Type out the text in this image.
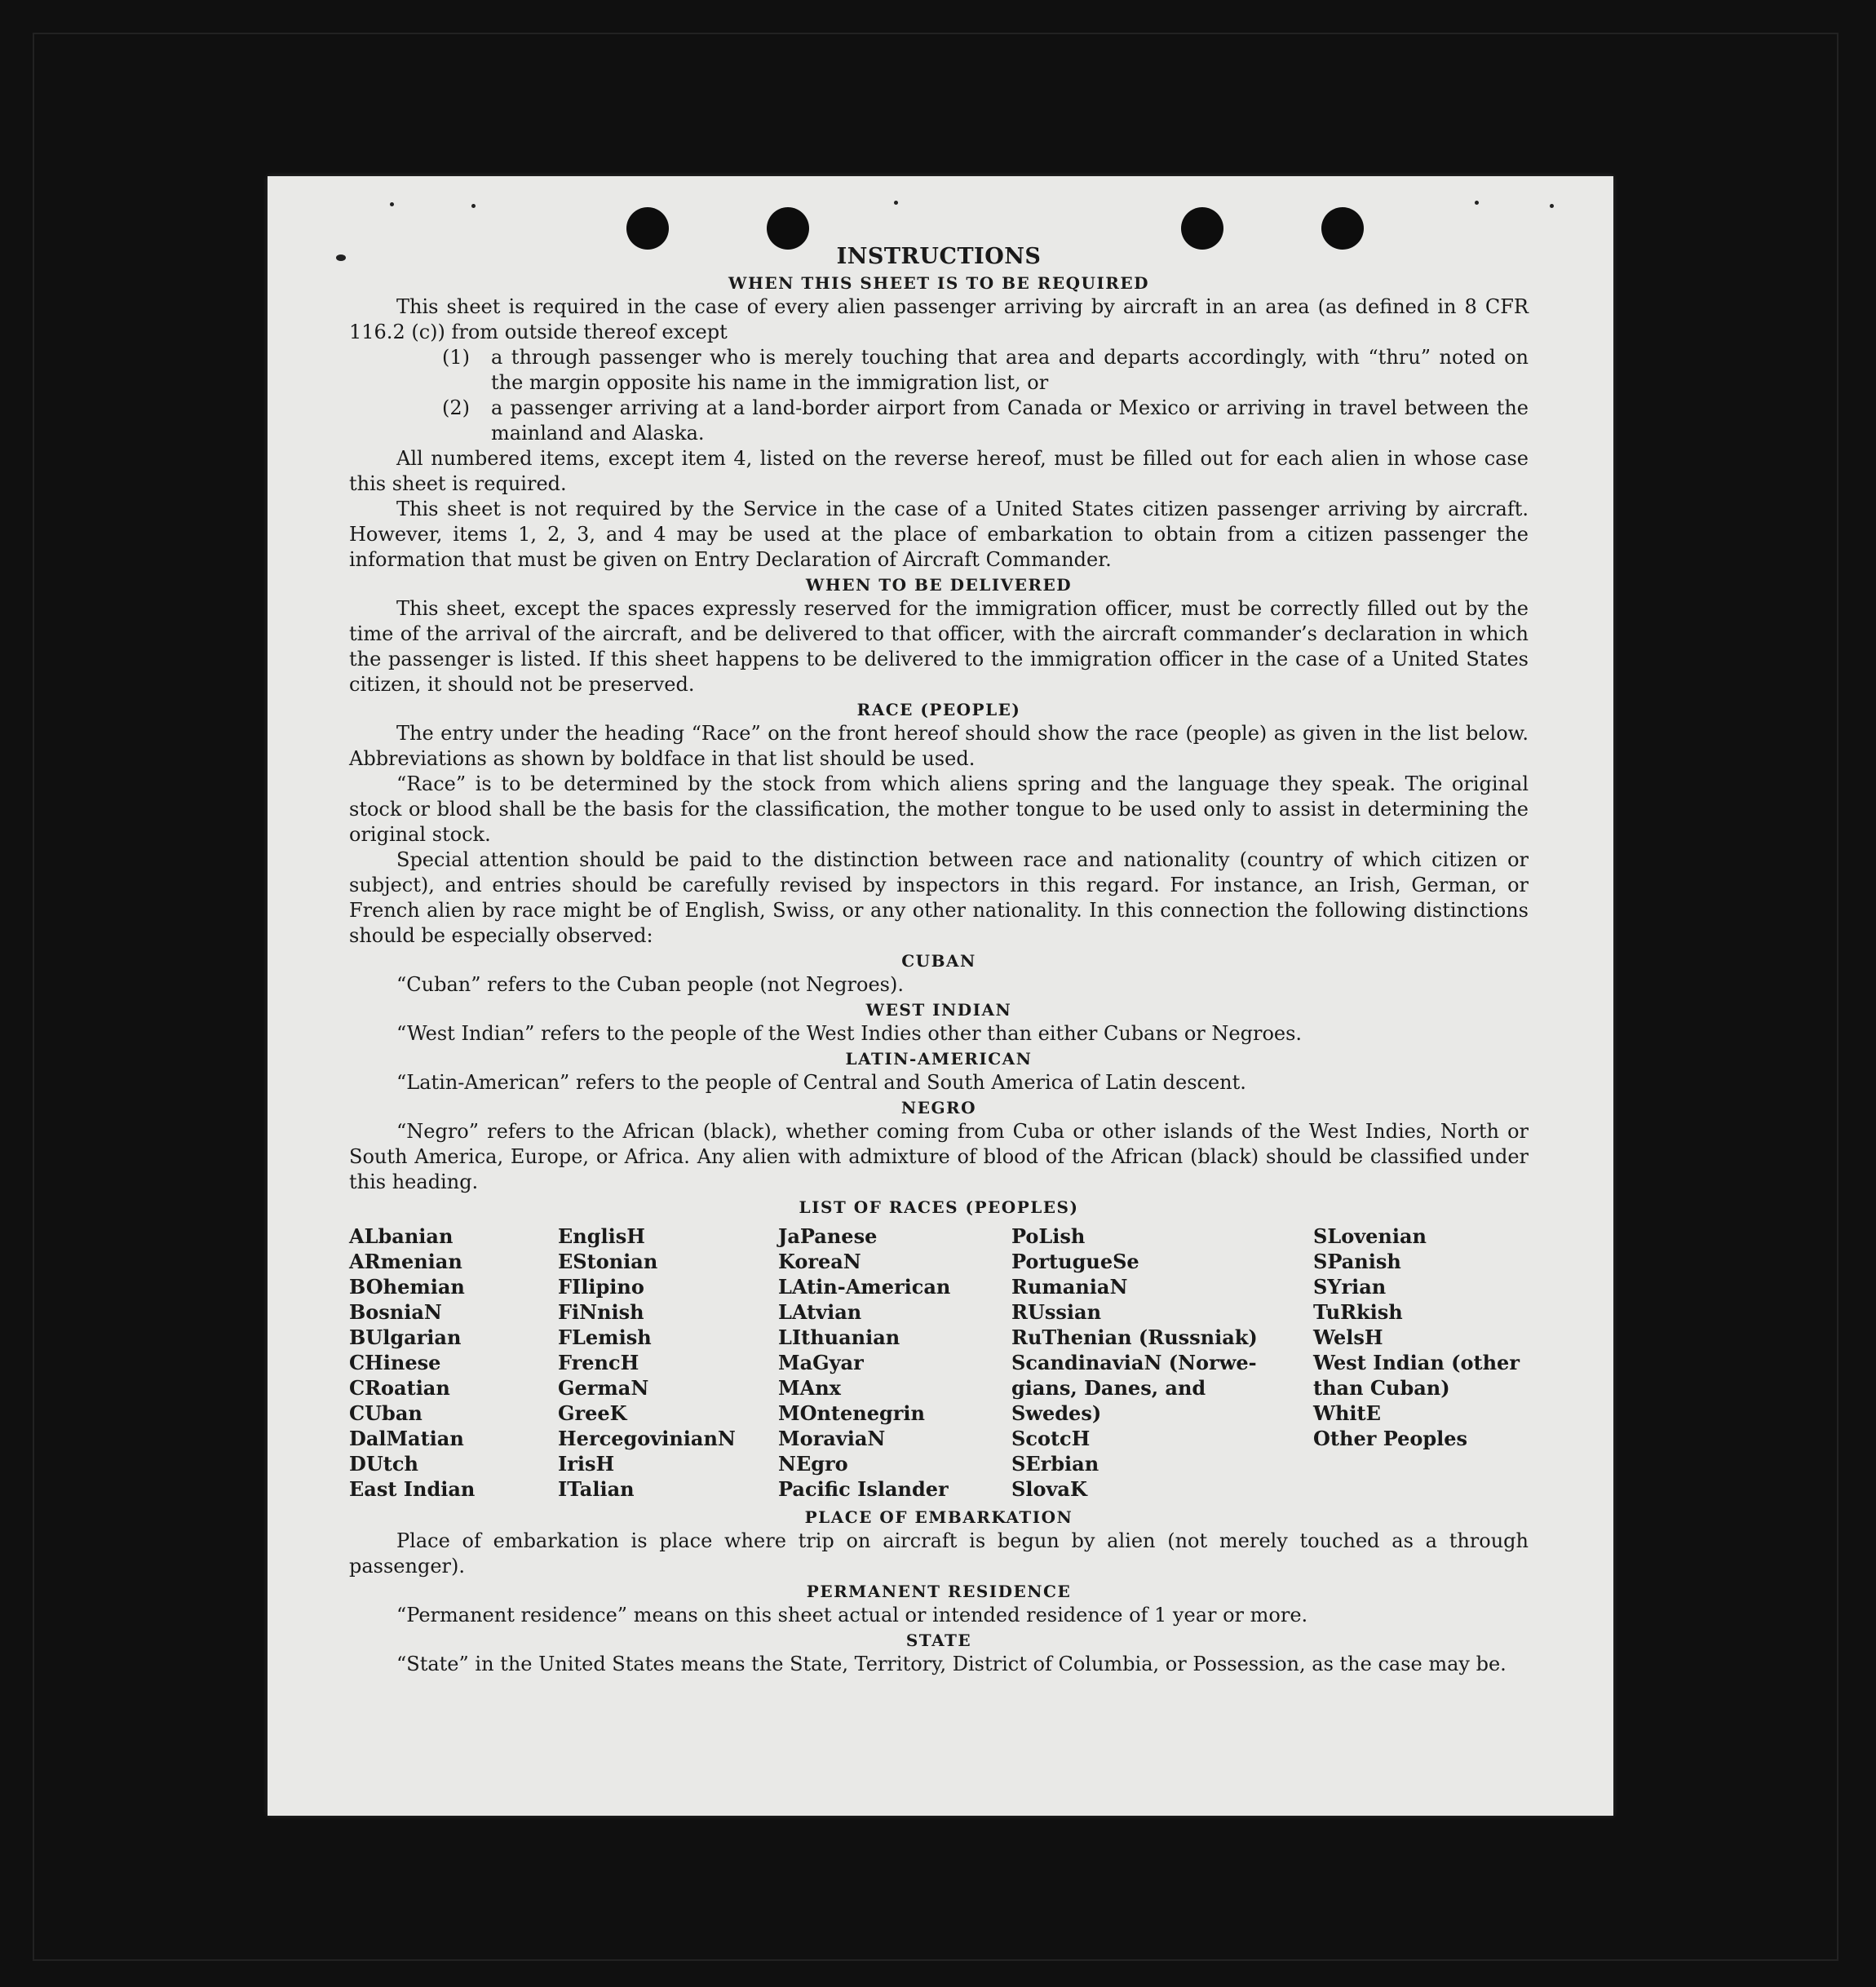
INSTRUCTIONS
WHEN THIS SHEET IS TO BE REQUIRED

This sheet is required in the case of every alien passenger arriving by aircraft in an area (as defined in 8 CFR 116.2 (c)) from outside thereof except

(1)	a through passenger who is merely touching that area and departs accordingly, with “thru” noted on the margin opposite his name in the immigration list, or
(2)	a passenger arriving at a land-border airport from Canada or Mexico or arriving in travel between the mainland and Alaska.

All numbered items, except item 4, listed on the reverse hereof, must be filled out for each alien in whose case this sheet is required.

This sheet is not required by the Service in the case of a United States citizen passenger arriving by aircraft. However, items 1, 2, 3, and 4 may be used at the place of embarkation to obtain from a citizen passenger the information that must be given on Entry Declaration of Aircraft Commander.

WHEN TO BE DELIVERED

This sheet, except the spaces expressly reserved for the immigration officer, must be correctly filled out by the time of the arrival of the aircraft, and be delivered to that officer, with the aircraft commander’s declaration in which the passenger is listed. If this sheet happens to be delivered to the immigration officer in the case of a United States citizen, it should not be preserved.

RACE (PEOPLE)

The entry under the heading “Race” on the front hereof should show the race (people) as given in the list below. Abbreviations as shown by boldface in that list should be used.

“Race” is to be determined by the stock from which aliens spring and the language they speak. The original stock or blood shall be the basis for the classification, the mother tongue to be used only to assist in determining the original stock.

Special attention should be paid to the distinction between race and nationality (country of which citizen or subject), and entries should be carefully revised by inspectors in this regard. For instance, an Irish, German, or French alien by race might be of English, Swiss, or any other nationality. In this connection the following distinctions should be especially observed:

CUBAN

“Cuban” refers to the Cuban people (not Negroes).

WEST INDIAN

“West Indian” refers to the people of the West Indies other than either Cubans or Negroes.

LATIN-AMERICAN

“Latin-American” refers to the people of Central and South America of Latin descent.

NEGRO

“Negro” refers to the African (black), whether coming from Cuba or other islands of the West Indies, North or South America, Europe, or Africa. Any alien with admixture of blood of the African (black) should be classified under this heading.

LIST OF RACES (PEOPLES)
ALbanian
ARmenian
BOhemian
BosniaN
BUlgarian
CHinese
CRoatian
CUban
DalMatian
DUtch
East Indian
EnglisH
EStonian
FIlipino
FiNnish
FLemish
FrencH
GermaN
GreeK
HercegovinianN
IrisH
ITalian
JaPanese
KoreaN
LAtin-American
LAtvian
LIthuanian
MaGyar
MAnx
MOntenegrin
MoraviaN
NEgro
Pacific Islander
PoLish
PortugueSe
RumaniaN
RUssian
RuThenian (Russniak)
ScandinaviaN (Norwe-
gians, Danes, and
Swedes)
ScotcH
SErbian
SlovaK
SLovenian
SPanish
SYrian
TuRkish
WelsH
West Indian (other
than Cuban)
WhitE
Other Peoples
PLACE OF EMBARKATION

Place of embarkation is place where trip on aircraft is begun by alien (not merely touched as a through passenger).

PERMANENT RESIDENCE

“Permanent residence” means on this sheet actual or intended residence of 1 year or more.

STATE

“State” in the United States means the State, Territory, District of Columbia, or Possession, as the case may be.
